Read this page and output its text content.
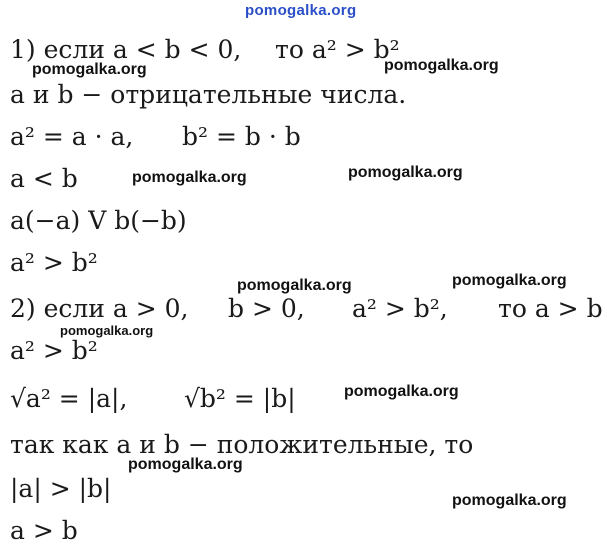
pomogalka.org
1) если a < b < 0, то a² > b²
a и b − отрицательные числа.
a² = a · a, b² = b · b
a < b
a(−a) V b(−b)
a² > b²
2) если a > 0, b > 0, a² > b², то a > b
a² > b²
√a² = |a|, √b² = |b|
так как a и b − положительные, то
|a| > |b|
a > b
pomogalka.org	pomogalka.org
pomogalka.org	pomogalka.org
pomogalka.org	pomogalka.org
pomogalka.org
pomogalka.org
pomogalka.org
pomogalka.org
